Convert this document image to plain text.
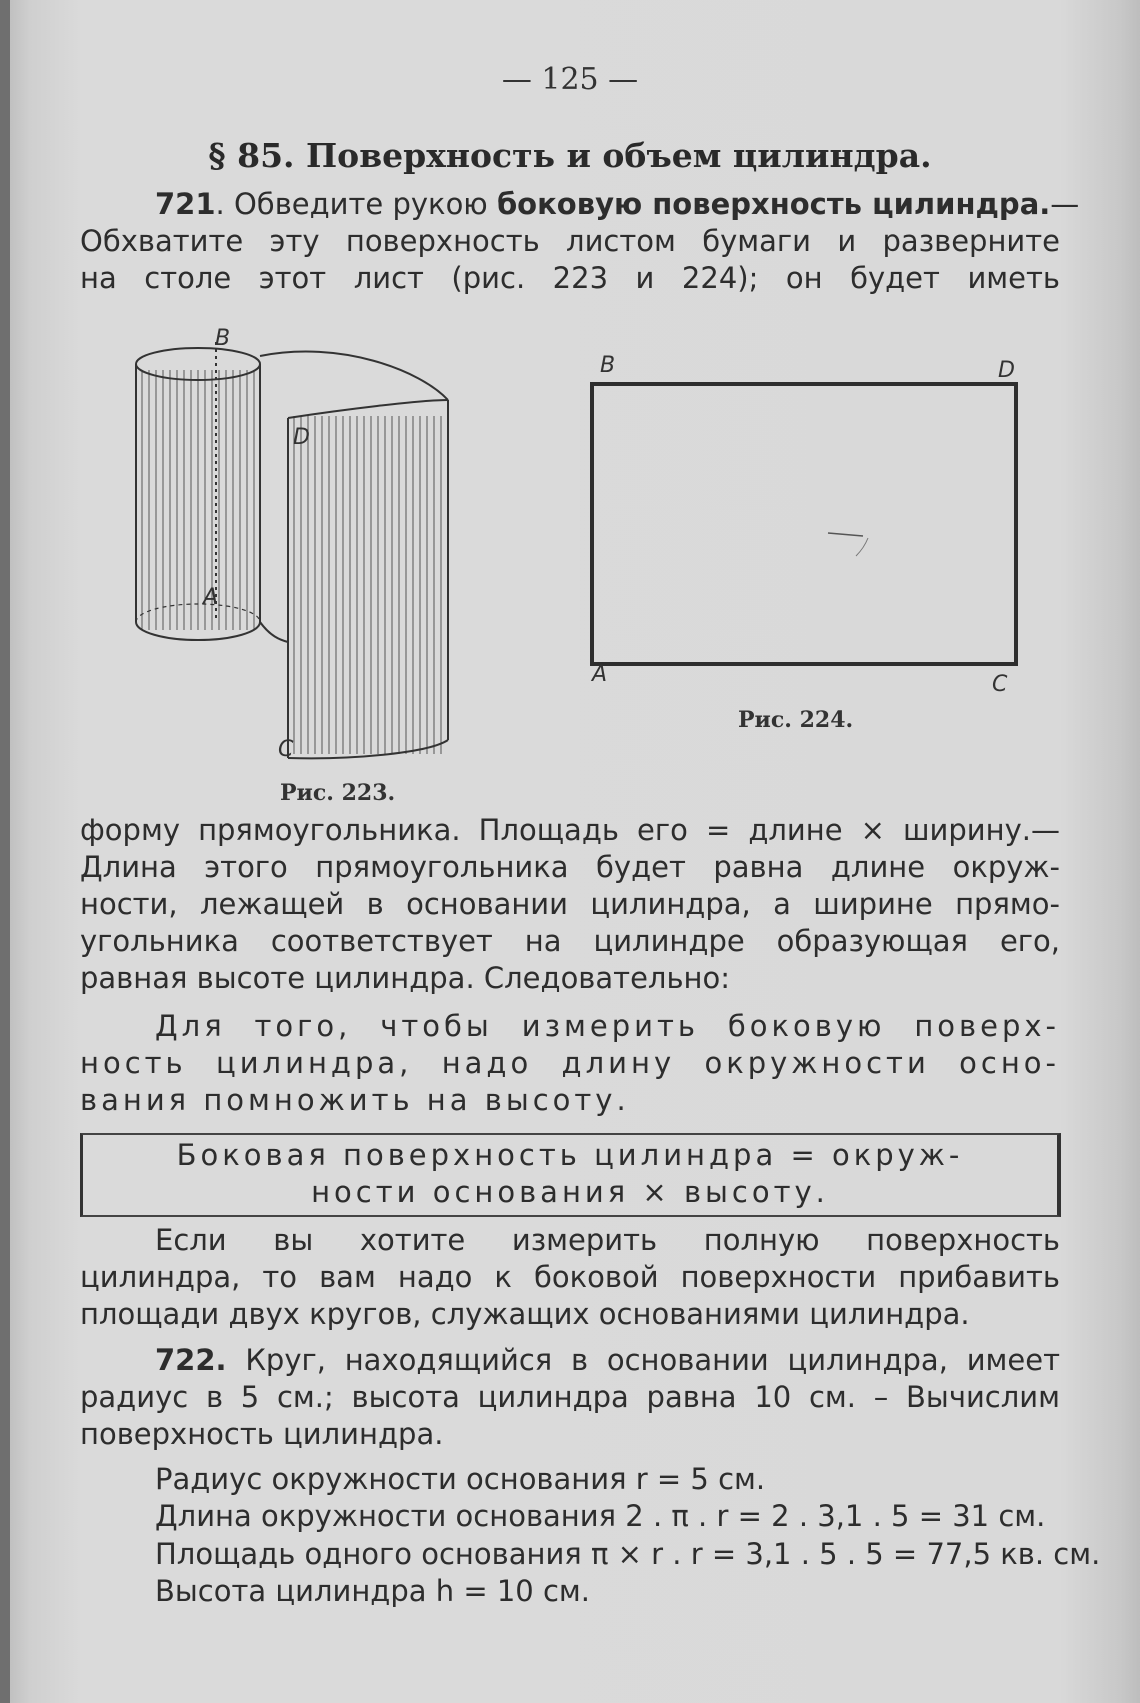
— 125 —
§ 85. Поверхность и объем цилиндра.
721. Обведите рукою боковую поверхность цилиндра.—
Обхватите эту поверхность листом бумаги и разверните
на столе этот лист (рис. 223 и 224); он будет иметь
B
D
A
C
Рис. 223.
B	D
A	C
Рис. 224.
форму прямоугольника. Площадь его = длине × ширину.—
Длина этого прямоугольника будет равна длине окруж-
ности, лежащей в основании цилиндра, а ширине прямо-
угольника соответствует на цилиндре образующая его,
равная высоте цилиндра. Следовательно:
Для того, чтобы измерить боковую поверх-
ность цилиндра, надо длину окружности осно-
вания помножить на высоту.
Боковая поверхность цилиндра = окруж-
ности основания × высоту.
Если вы хотите измерить полную поверхность
цилиндра, то вам надо к боковой поверхности прибавить
площади двух кругов, служащих основаниями цилиндра.
722. Круг, находящийся в основании цилиндра, имеет
радиус в 5 см.; высота цилиндра равна 10 см. – Вычислим
поверхность цилиндра.
Радиус окружности основания r = 5 см.
Длина окружности основания 2 . π . r = 2 . 3,1 . 5 = 31 см.
Площадь одного основания π × r . r = 3,1 . 5 . 5 = 77,5 кв. см.
Высота цилиндра h = 10 см.
